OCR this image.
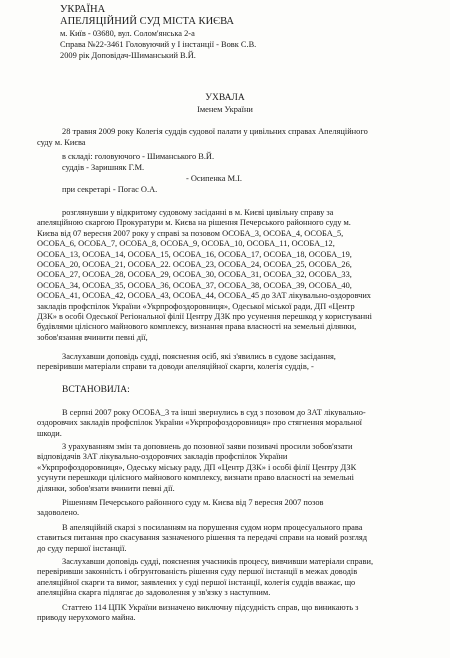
УКРАЇНА
АПЕЛЯЦІЙНИЙ СУД МІСТА КИЄВА
м. Київ - 03680, вул. Солом'янська 2-а
Справа №22-3461 Головуючий у I інстанції - Вовк С.В.
2009 рік Доповідач-Шиманський В.Й.
УХВАЛА
Іменем України
28 травня 2009 року Колегія суддів судової палати у цивільних справах Апеляційного
суду м. Києва
в складі: головуючого - Шиманського В.Й.
суддів - Заришняк Г.М.
- Осипенка М.І.
при секретарі - Погас О.А.
розглянувши у відкритому судовому засіданні в м. Києві цивільну справу за
апеляційною скаргою Прокуратури м. Києва на рішення Печерського районного суду м.
Києва від 07 вересня 2007 року у справі за позовом ОСОБА_3, ОСОБА_4, ОСОБА_5,
ОСОБА_6, ОСОБА_7, ОСОБА_8, ОСОБА_9, ОСОБА_10, ОСОБА_11, ОСОБА_12,
ОСОБА_13, ОСОБА_14, ОСОБА_15, ОСОБА_16, ОСОБА_17, ОСОБА_18, ОСОБА_19,
ОСОБА_20, ОСОБА_21, ОСОБА_22. ОСОБА_23, ОСОБА_24, ОСОБА_25, ОСОБА_26,
ОСОБА_27, ОСОБА_28, ОСОБА_29, ОСОБА_30, ОСОБА_31, ОСОБА_32, ОСОБА_33,
ОСОБА_34, ОСОБА_35, ОСОБА_36, ОСОБА_37, ОСОБА_38, ОСОБА_39, ОСОБА_40,
ОСОБА_41, ОСОБА_42, ОСОБА_43, ОСОБА_44, ОСОБА_45 до ЗАТ лікувально-оздоровчих
закладів профспілок України «Укрпрофоздоровниця», Одеської міської ради, ДП «Центр
ДЗК» в особі Одеської Регіональної філії Центру ДЗК про усунення перешкод у користуванні
будівлями цілісного майнового комплексу, визнання права власності на земельні ділянки,
зобов'язання вчинити певні дії,
Заслухавши доповідь судді, пояснення осіб, які з'явились в судове засідання,
перевіривши матеріали справи та доводи апеляційної скарги, колегія суддів, -
ВСТАНОВИЛА:
В серпні 2007 року ОСОБА_3 та інші звернулись в суд з позовом до ЗАТ лікувально-
оздоровчих закладів профспілок України «Укрпрофоздоровниця» про стягнення моральної
шкоди.
З урахуванням змін та доповнень до позовної заяви позивачі просили зобов'язати
відповідачів ЗАТ лікувально-оздоровчих закладів профспілок України
«Укрпрофоздоровниця», Одеську міську раду, ДП «Центр ДЗК» і особі філії Центру ДЗК
усунути перешкоди цілісного майнового комплексу, визнати право власності на земельні
ділянки, зобов'язати вчинити певні дії.
Рішенням Печерського районного суду м. Києва від 7 вересня 2007 позов
задоволено.
В апеляційній скарзі з посиланням на порушення судом норм процесуального права
ставиться питання про скасування зазначеного рішення та передачі справи на новий розгляд
до суду першої інстанції.
Заслухавши доповідь судді, пояснення учасників процесу, вивчивши матеріали справи,
перевіривши законність і обгрунтованість рішення суду першої інстанції в межах доводів
апеляційної скарги та вимог, заявлених у суді першої інстанції, колегія суддів вважає, що
апеляційна скарга підлягає до задоволення у зв'язку з наступним.
Статтею 114 ЦПК України визначено виключну підсудність справ, що виникають з
приводу нерухомого майна.
